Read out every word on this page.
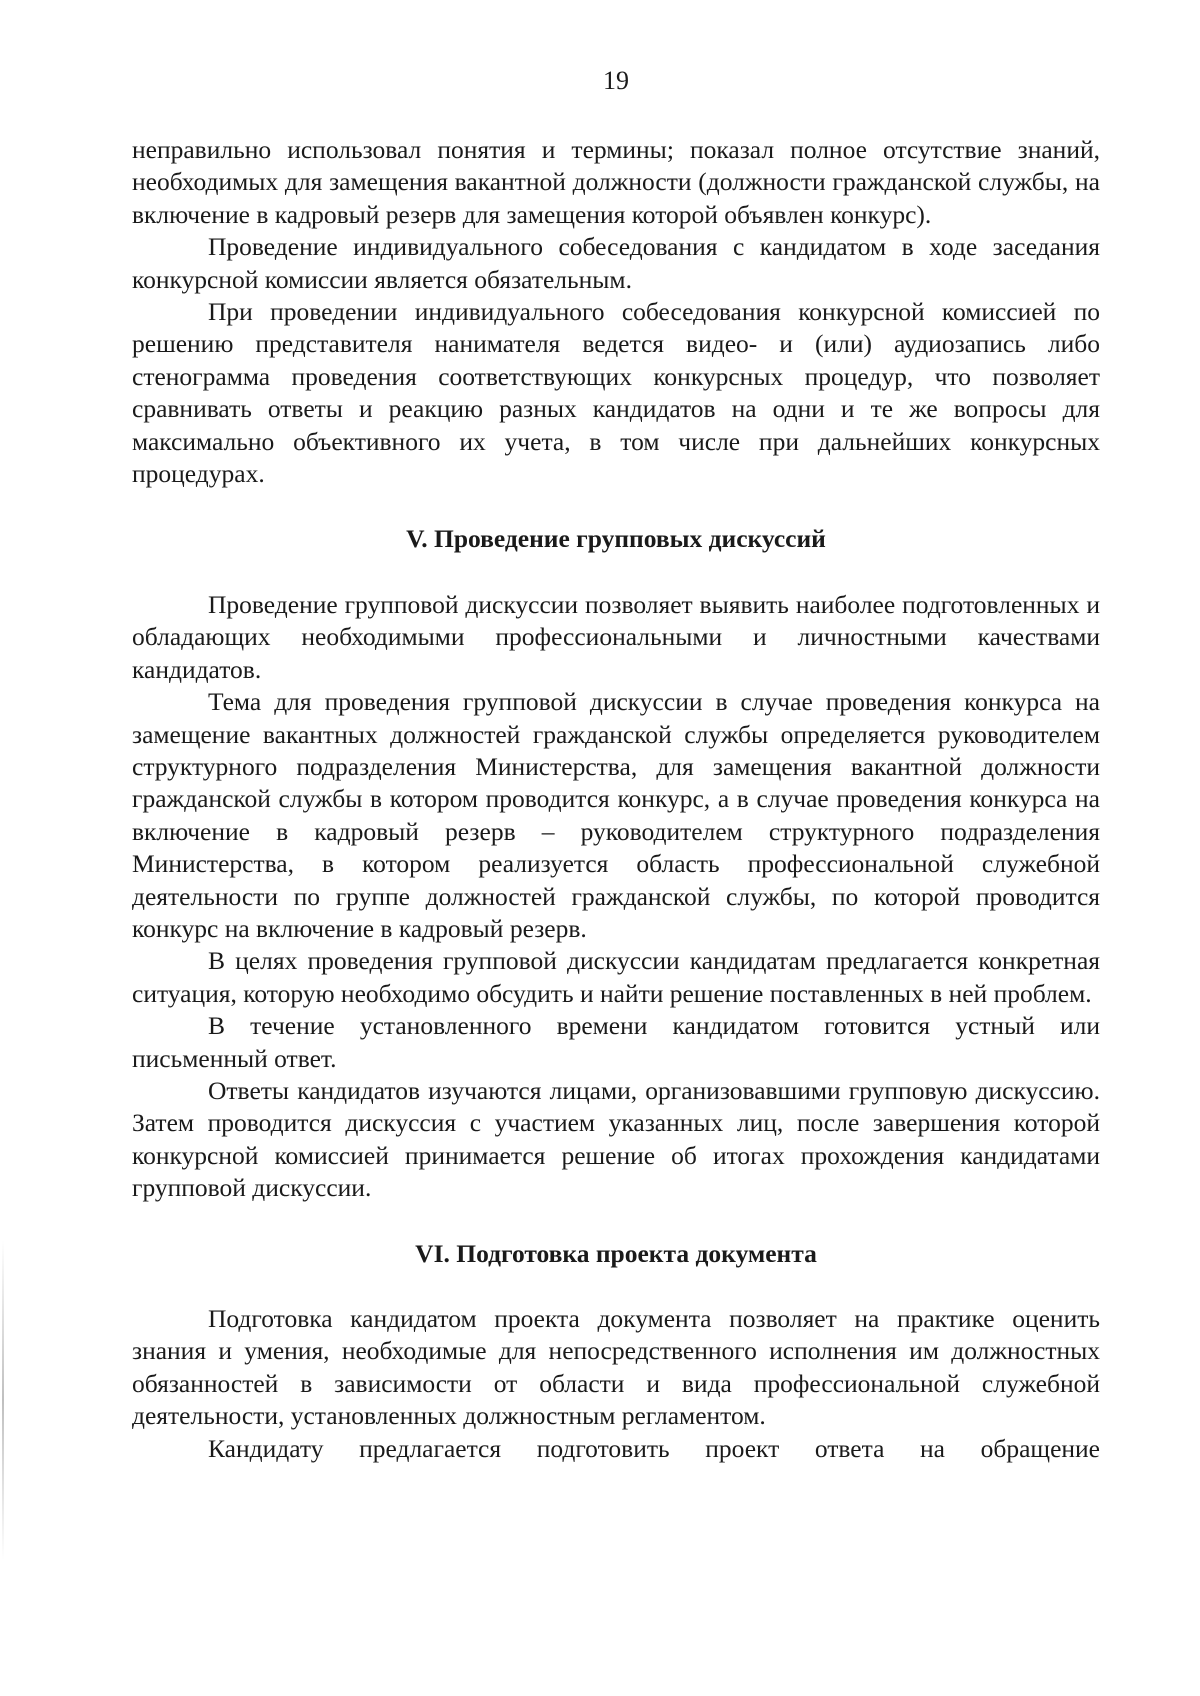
19

неправильно использовал понятия и термины; показал полное отсутствие знаний, необходимых для замещения вакантной должности (должности гражданской службы, на включение в кадровый резерв для замещения которой объявлен конкурс).

Проведение индивидуального собеседования с кандидатом в ходе заседания конкурсной комиссии является обязательным.

При проведении индивидуального собеседования конкурсной комиссией по решению представителя нанимателя ведется видео- и (или) аудиозапись либо стенограмма проведения соответствующих конкурсных процедур, что позволяет сравнивать ответы и реакцию разных кандидатов на одни и те же вопросы для максимально объективного их учета, в том числе при дальнейших конкурсных процедурах.

V. Проведение групповых дискуссий

Проведение групповой дискуссии позволяет выявить наиболее подготовленных и обладающих необходимыми профессиональными и личностными качествами кандидатов.

Тема для проведения групповой дискуссии в случае проведения конкурса на замещение вакантных должностей гражданской службы определяется руководителем структурного подразделения Министерства, для замещения вакантной должности гражданской службы в котором проводится конкурс, а в случае проведения конкурса на включение в кадровый резерв – руководителем структурного подразделения Министерства, в котором реализуется область профессиональной служебной деятельности по группе должностей гражданской службы, по которой проводится конкурс на включение в кадровый резерв.

В целях проведения групповой дискуссии кандидатам предлагается конкретная ситуация, которую необходимо обсудить и найти решение поставленных в ней проблем.

В течение установленного времени кандидатом готовится устный или письменный ответ.

Ответы кандидатов изучаются лицами, организовавшими групповую дискуссию. Затем проводится дискуссия с участием указанных лиц, после завершения которой конкурсной комиссией принимается решение об итогах прохождения кандидатами групповой дискуссии.

VI. Подготовка проекта документа

Подготовка кандидатом проекта документа позволяет на практике оценить знания и умения, необходимые для непосредственного исполнения им должностных обязанностей в зависимости от области и вида профессиональной служебной деятельности, установленных должностным регламентом.

Кандидату предлагается подготовить проект ответа на обращение
